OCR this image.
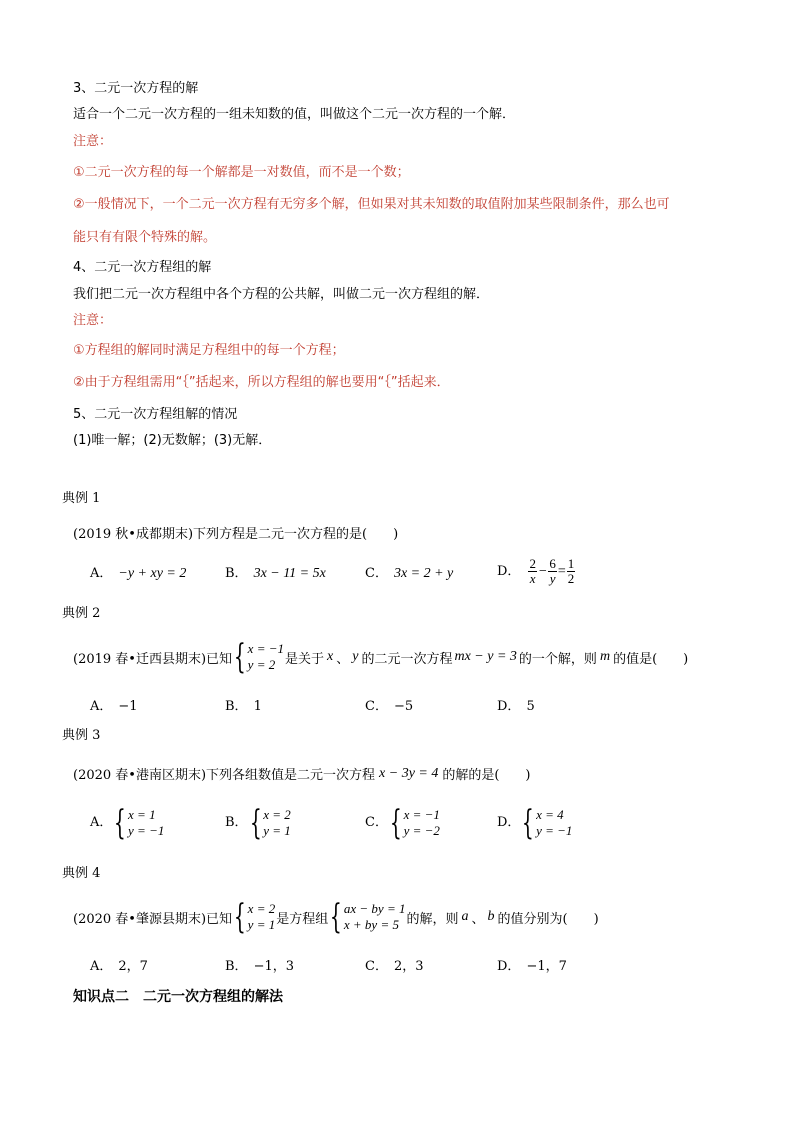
3、二元一次方程的解
适合一个二元一次方程的一组未知数的值，叫做这个二元一次方程的一个解．
注意：
①二元一次方程的每一个解都是一对数值，而不是一个数；
②一般情况下，一个二元一次方程有无穷多个解，但如果对其未知数的取值附加某些限制条件，那么也可
能只有有限个特殊的解。
4、二元一次方程组的解
我们把二元一次方程组中各个方程的公共解，叫做二元一次方程组的解．
注意：
①方程组的解同时满足方程组中的每一个方程；
②由于方程组需用“｛”括起来，所以方程组的解也要用“｛”括起来．
5、二元一次方程组解的情况
(1)唯一解；(2)无数解；(3)无解．
典例 1
(2019 秋•成都期末)下列方程是二元一次方程的是(　　)
A． −y + xy = 2	B． 3x − 11 = 5x	C． 3x = 2 + y	D． $\frac{2}{x} - \frac{6}{y} = \frac{1}{2}$
典例 2
(2019 春•迁西县期末)已知 { x = −1
y = 2 是关于 x 、 y 的二元一次方程 mx − y = 3 的一个解，则 m 的值是(　　)
A． −1	B． 1	C． −5	D． 5
典例 3
(2020 春•港南区期末)下列各组数值是二元一次方程 x − 3y = 4 的解的是(　　)
A． { x = 1
y = −1
B． { x = 2
y = 1
C． { x = −1
y = −2
D． { x = 4
y = −1
典例 4
(2020 春•肇源县期末)已知 { x = 2
y = 1 是方程组 { ax − by = 1
x + by = 5 的解，则 a 、 b 的值分别为(　　)
A． 2，7	B． −1，3	C． 2，3	D． −1，7
知识点二　二元一次方程组的解法
